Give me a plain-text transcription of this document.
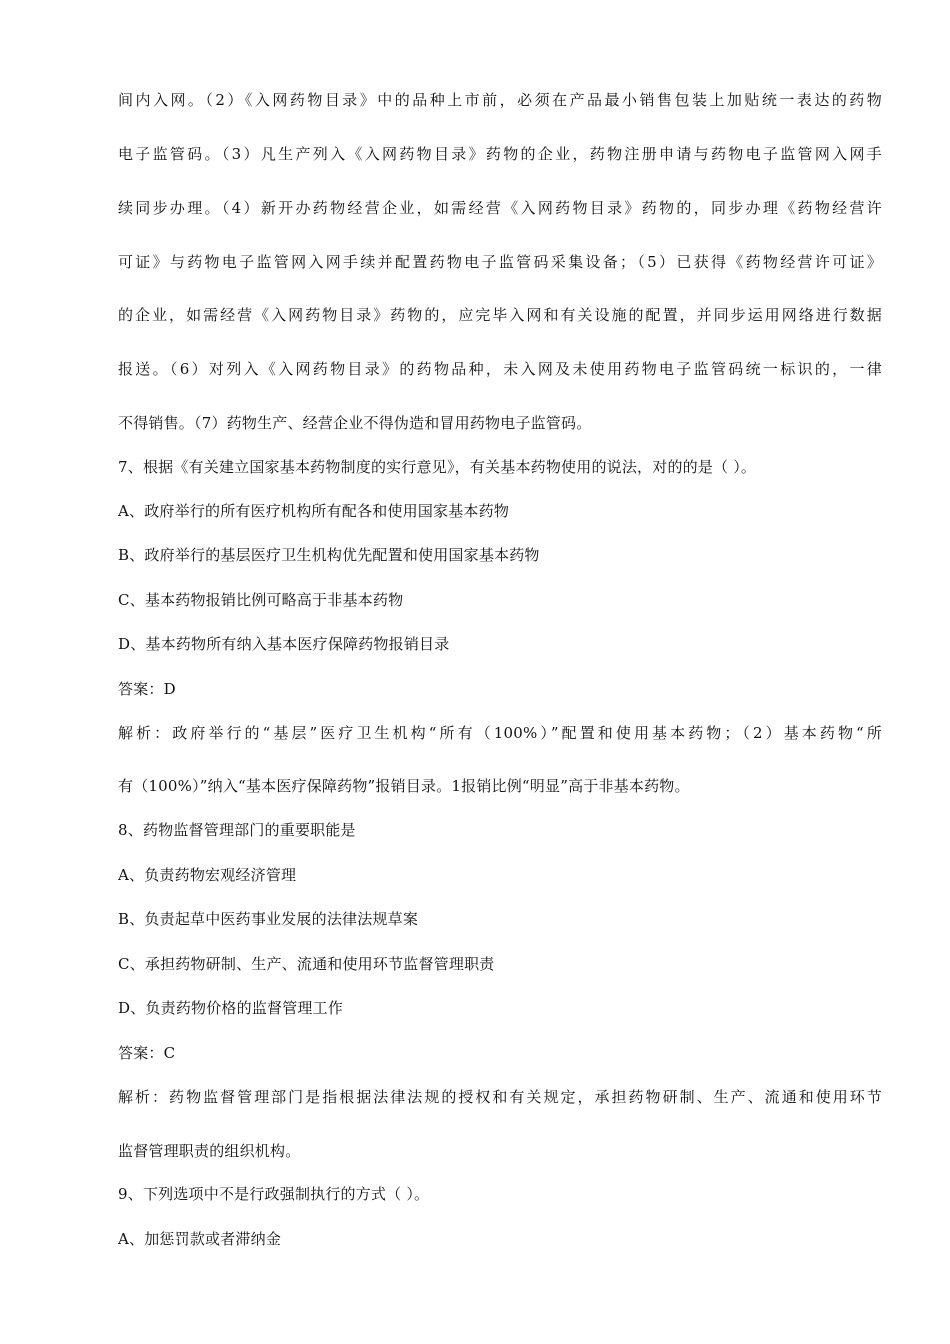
间内入网。（2）《入网药物目录》中的品种上市前，必须在产品最小销售包装上加贴统一表达的药物
电子监管码。（3）凡生产列入《入网药物目录》药物的企业，药物注册申请与药物电子监管网入网手
续同步办理。（4）新开办药物经营企业，如需经营《入网药物目录》药物的，同步办理《药物经营许
可证》与药物电子监管网入网手续并配置药物电子监管码采集设备；（5）已获得《药物经营许可证》
的企业，如需经营《入网药物目录》药物的，应完毕入网和有关设施的配置，并同步运用网络进行数据
报送。（6）对列入《入网药物目录》的药物品种，未入网及未使用药物电子监管码统一标识的，一律
不得销售。（7）药物生产、经营企业不得伪造和冒用药物电子监管码。
7、根据《有关建立国家基本药物制度的实行意见》，有关基本药物使用的说法，对的的是（ ）。
A、政府举行的所有医疗机构所有配各和使用国家基本药物
B、政府举行的基层医疗卫生机构优先配置和使用国家基本药物
C、基本药物报销比例可略高于非基本药物
D、基本药物所有纳入基本医疗保障药物报销目录
答案：D
解析：政府举行的“基层”医疗卫生机构“所有（100%）”配置和使用基本药物；（2）基本药物“所
有（100%）”纳入“基本医疗保障药物”报销目录。1报销比例“明显”高于非基本药物。
8、药物监督管理部门的重要职能是
A、负责药物宏观经济管理
B、负责起草中医药事业发展的法律法规草案
C、承担药物研制、生产、流通和使用环节监督管理职责
D、负责药物价格的监督管理工作
答案：C
解析：药物监督管理部门是指根据法律法规的授权和有关规定，承担药物研制、生产、流通和使用环节
监督管理职责的组织机构。
9、下列选项中不是行政强制执行的方式（ ）。
A、加惩罚款或者滞纳金
